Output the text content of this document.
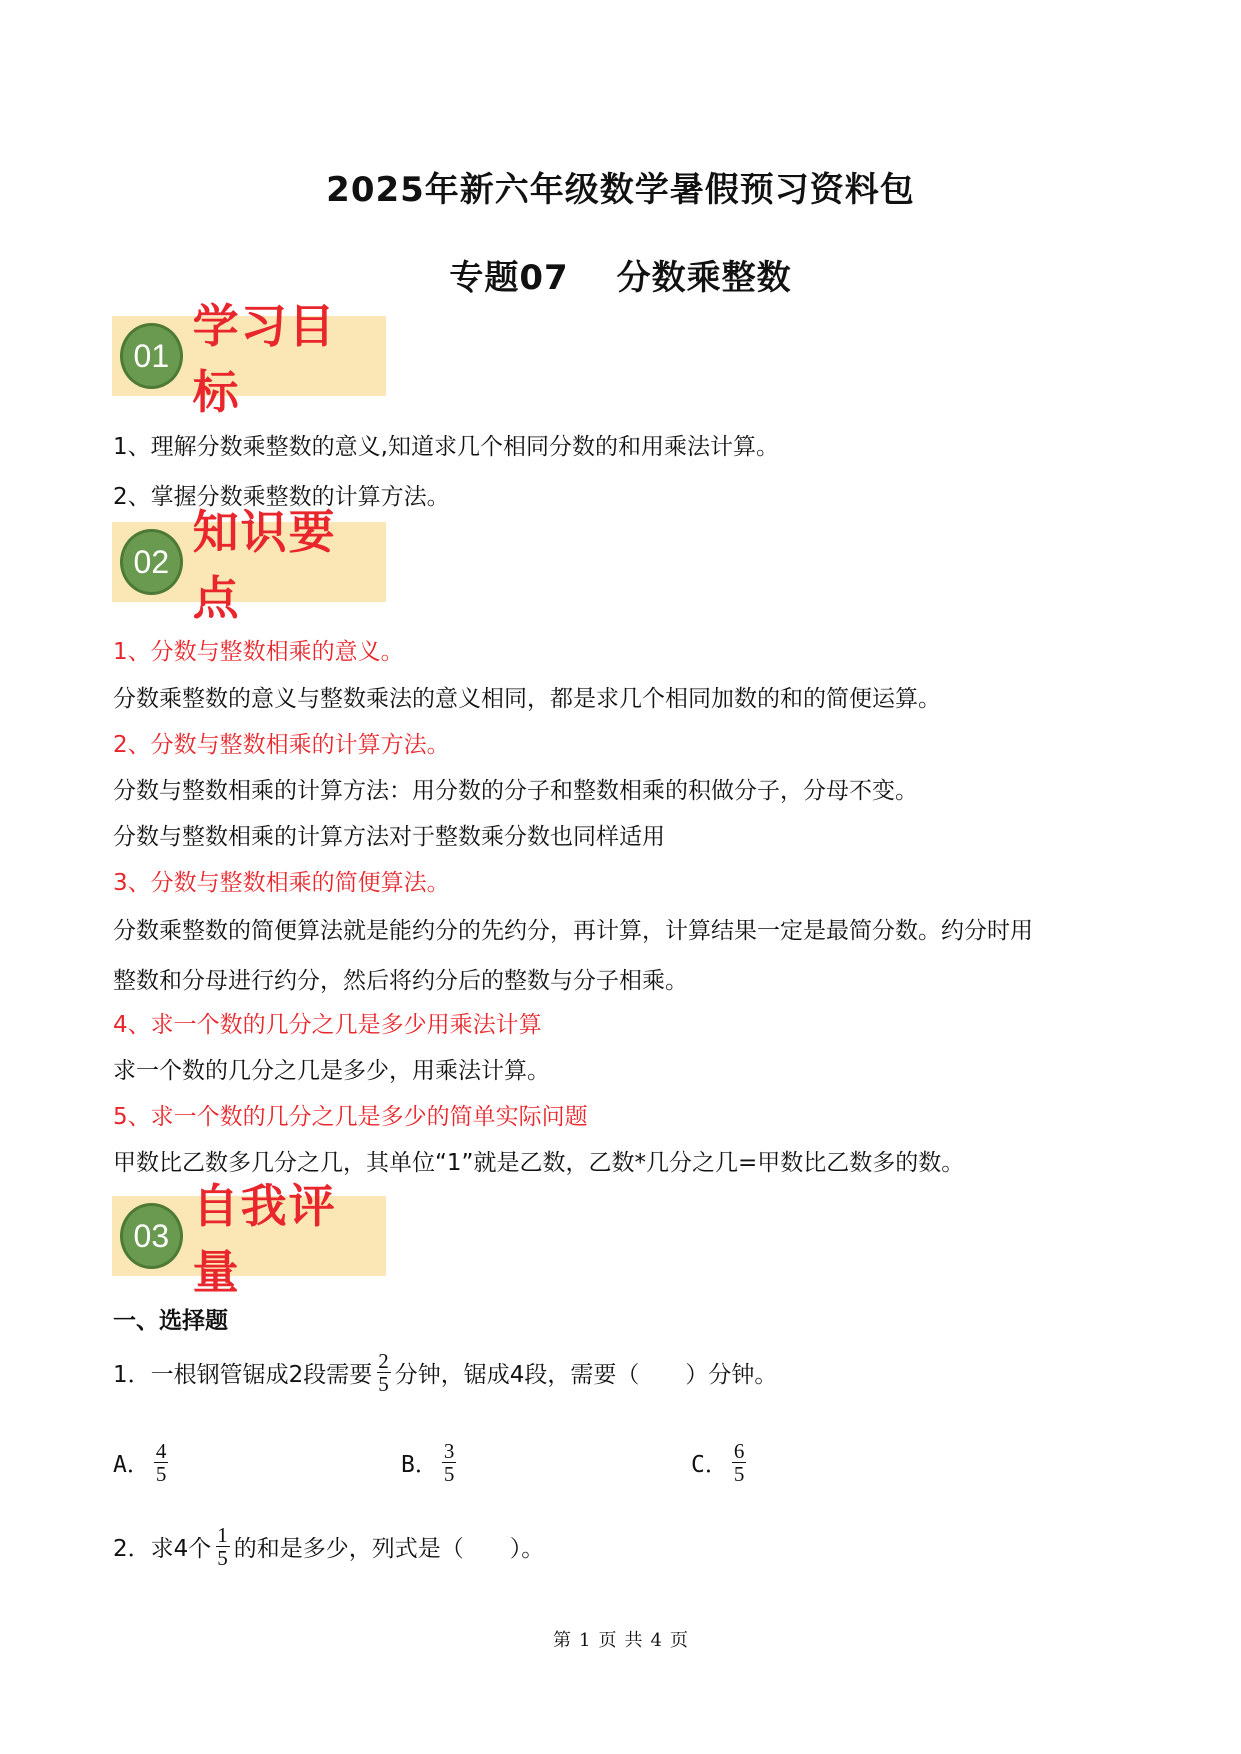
2025年新六年级数学暑假预习资料包
专题07 分数乘整数
01
学习目标
1、理解分数乘整数的意义,知道求几个相同分数的和用乘法计算。
2、掌握分数乘整数的计算方法。
02
知识要点
1、分数与整数相乘的意义。
分数乘整数的意义与整数乘法的意义相同，都是求几个相同加数的和的简便运算。
2、分数与整数相乘的计算方法。
分数与整数相乘的计算方法：用分数的分子和整数相乘的积做分子，分母不变。
分数与整数相乘的计算方法对于整数乘分数也同样适用
3、分数与整数相乘的简便算法。
分数乘整数的简便算法就是能约分的先约分，再计算，计算结果一定是最简分数。约分时用
整数和分母进行约分，然后将约分后的整数与分子相乘。
4、求一个数的几分之几是多少用乘法计算
求一个数的几分之几是多少，用乘法计算。
5、求一个数的几分之几是多少的简单实际问题
甲数比乙数多几分之几，其单位“1”就是乙数，乙数*几分之几=甲数比乙数多的数。
03
自我评量
一、选择题
1．一根钢管锯成2段需要 $\frac{2}{5}$ 分钟，锯成4段，需要（　　）分钟。
A． $\frac{4}{5}$	B． $\frac{3}{5}$	C． $\frac{6}{5}$
2．求4个 $\frac{1}{5}$ 的和是多少，列式是（　　）。
第 1 页 共 4 页
